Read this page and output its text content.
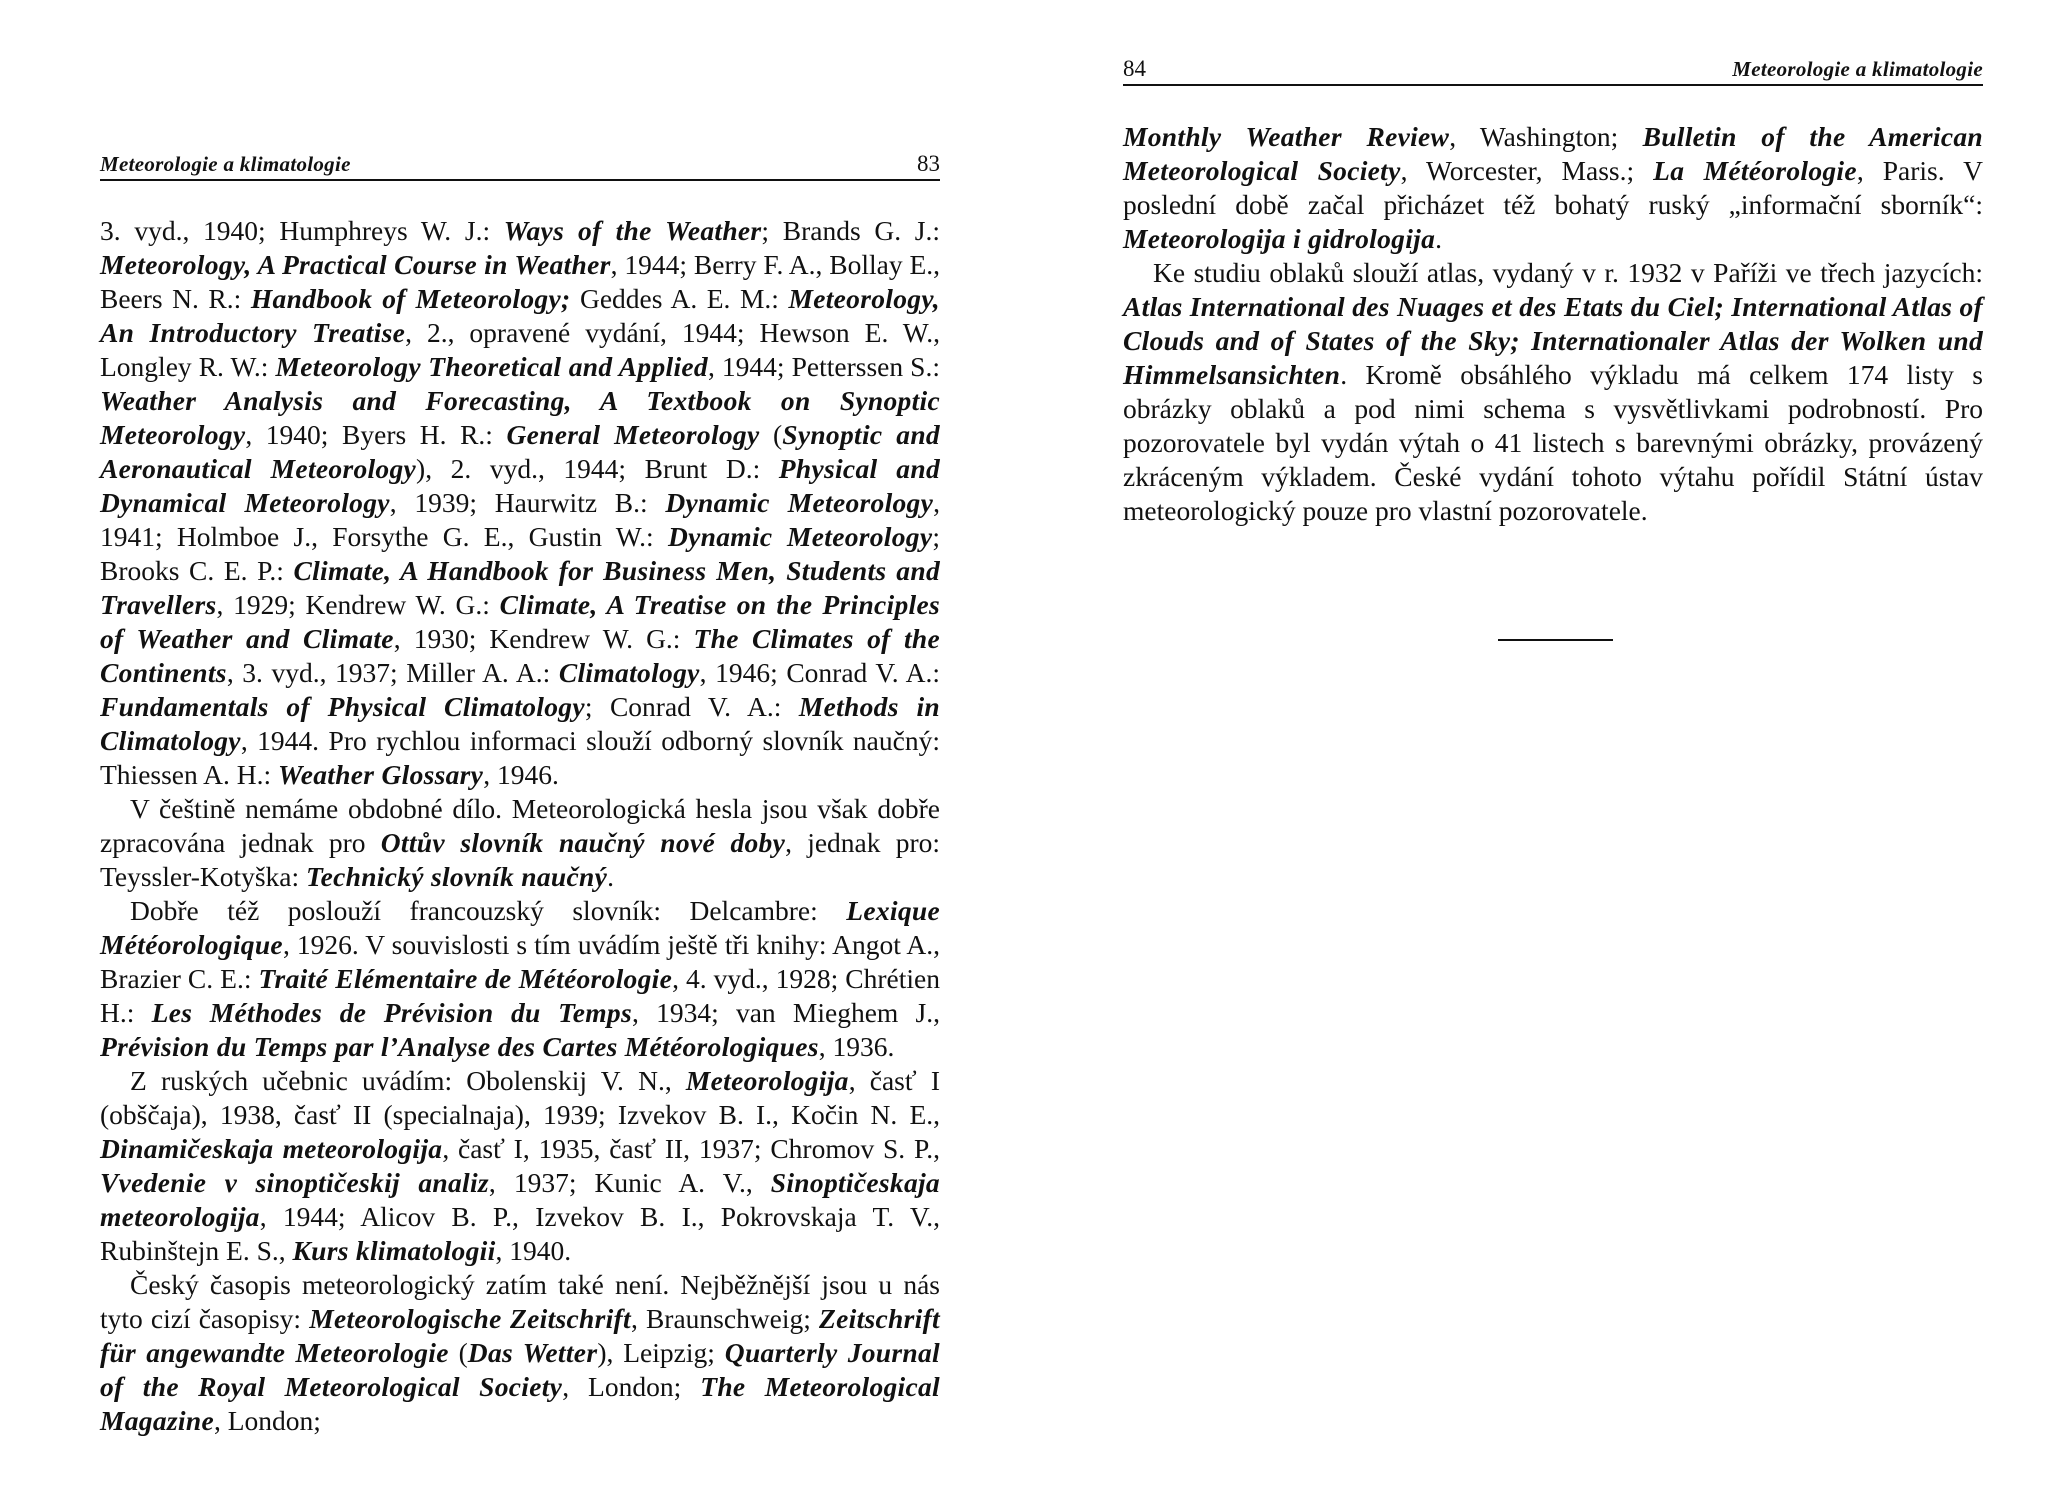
Meteorologie a klimatologie	83

3. vyd., 1940; Humphreys W. J.: Ways of the Weather; Brands G. J.: Meteorology, A Practical Course in Weather, 1944; Berry F. A., Bollay E., Beers N. R.: Handbook of Meteorology; Geddes A. E. M.: Meteorology, An Introductory Treatise, 2., opravené vydání, 1944; Hewson E. W., Longley R. W.: Meteorology Theoretical and Applied, 1944; Petterssen S.: Weather Analysis and Forecasting, A Textbook on Synoptic Meteorology, 1940; Byers H. R.: General Meteorology (Synoptic and Aeronautical Meteorology), 2. vyd., 1944; Brunt D.: Physical and Dynamical Meteorology, 1939; Haurwitz B.: Dynamic Meteorology, 1941; Holmboe J., Forsythe G. E., Gustin W.: Dynamic Meteorology; Brooks C. E. P.: Climate, A Handbook for Business Men, Students and Travellers, 1929; Kendrew W. G.: Climate, A Treatise on the Principles of Weather and Climate, 1930; Kendrew W. G.: The Climates of the Continents, 3. vyd., 1937; Miller A. A.: Climatology, 1946; Conrad V. A.: Fundamentals of Physical Climatology; Conrad V. A.: Methods in Climatology, 1944. Pro rychlou informaci slouží odborný slovník naučný: Thiessen A. H.: Weather Glossary, 1946.

V češtině nemáme obdobné dílo. Meteorologická hesla jsou však dobře zpracována jednak pro Ottův slovník naučný nové doby, jednak pro: Teyssler-Kotyška: Technický slovník naučný.

Dobře též poslouží francouzský slovník: Delcambre: Lexique Météorologique, 1926. V souvislosti s tím uvádím ještě tři knihy: Angot A., Brazier C. E.: Traité Elémentaire de Météorologie, 4. vyd., 1928; Chrétien H.: Les Méthodes de Prévision du Temps, 1934; van Mieghem J., Prévision du Temps par l’Analyse des Cartes Météorologiques, 1936.

Z ruských učebnic uvádím: Obolenskij V. N., Meteorologija, časť I (obščaja), 1938, časť II (specialnaja), 1939; Izvekov B. I., Kočin N. E., Dinamičeskaja meteorologija, časť I, 1935, časť II, 1937; Chromov S. P., Vvedenie v sinoptičeskij analiz, 1937; Kunic A. V., Sinoptičeskaja meteorologija, 1944; Alicov B. P., Izvekov B. I., Pokrovskaja T. V., Rubinštejn E. S., Kurs klimatologii, 1940.

Český časopis meteorologický zatím také není. Nejběžnější jsou u nás tyto cizí časopisy: Meteorologische Zeitschrift, Braunschweig; Zeitschrift für angewandte Meteorologie (Das Wetter), Leipzig; Quarterly Journal of the Royal Meteorological Society, London; The Meteorological Magazine, London;

84	Meteorologie a klimatologie

Monthly Weather Review, Washington; Bulletin of the American Meteorological Society, Worcester, Mass.; La Météorologie, Paris. V poslední době začal přicházet též bohatý ruský „informační sborník“: Meteorologija i gidrologija.

Ke studiu oblaků slouží atlas, vydaný v r. 1932 v Paříži ve třech jazycích: Atlas International des Nuages et des Etats du Ciel; International Atlas of Clouds and of States of the Sky; Internationaler Atlas der Wolken und Himmelsansichten. Kromě obsáhlého výkladu má celkem 174 listy s obrázky oblaků a pod nimi schema s vysvětlivkami podrobností. Pro pozorovatele byl vydán výtah o 41 listech s barevnými obrázky, provázený zkráceným výkladem. České vydání tohoto výtahu pořídil Státní ústav meteorologický pouze pro vlastní pozorovatele.
